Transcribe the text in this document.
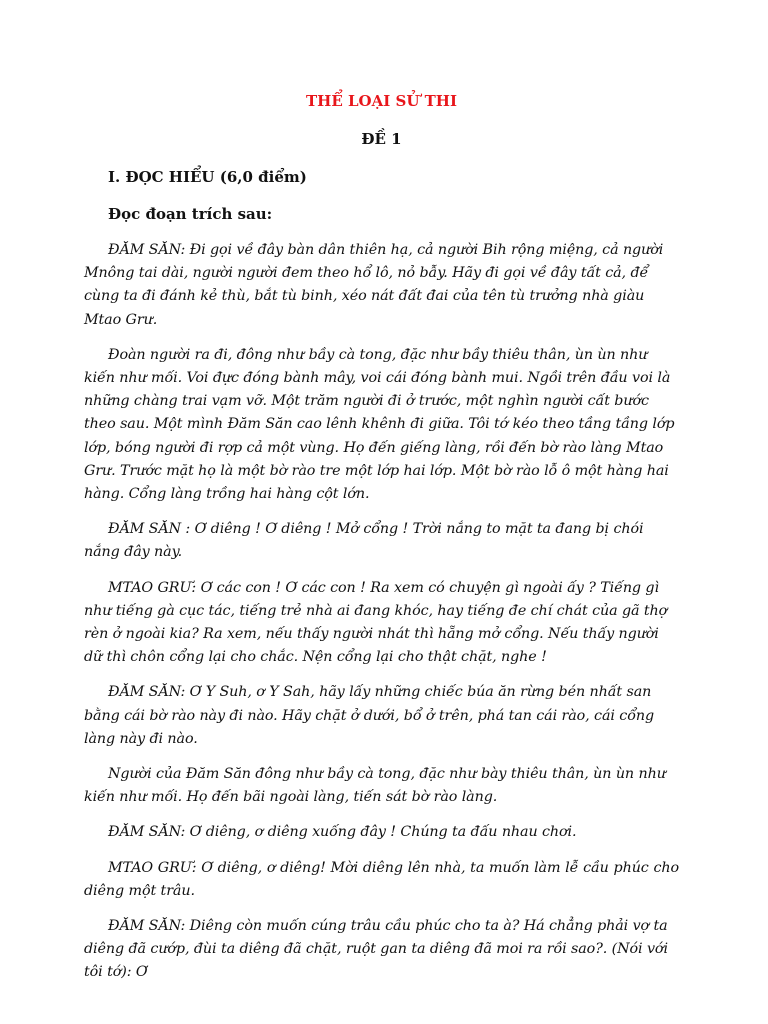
THỂ LOẠI SỬ THI
ĐỀ 1
I. ĐỌC HIỂU (6,0 điểm)
Đọc đoạn trích sau:

ĐĂM SĂN: Đi gọi về đây bàn dân thiên hạ, cả người Bih rộng miệng, cả người Mnông tai dài, người người đem theo hổ lô, nỏ bẫy. Hãy đi gọi về đây tất cả, để cùng ta đi đánh kẻ thù, bắt tù binh, xéo nát đất đai của tên tù trưởng nhà giàu Mtao Grư.

Đoàn người ra đi, đông như bầy cà tong, đặc như bầy thiêu thân, ùn ùn như kiến như mối. Voi đực đóng bành mây, voi cái đóng bành mui. Ngồi trên đầu voi là những chàng trai vạm vỡ. Một trăm người đi ở trước, một nghìn người cất bước theo sau. Một mình Đăm Săn cao lênh khênh đi giữa. Tôi tớ kéo theo tầng tầng lớp lớp, bóng người đi rợp cả một vùng. Họ đến giếng làng, rồi đến bờ rào làng Mtao Grư. Trước mặt họ là một bờ rào tre một lớp hai lớp. Một bờ rào lỗ ô một hàng hai hàng. Cổng làng trồng hai hàng cột lớn.

ĐĂM SĂN : Ơ diêng ! Ơ diêng ! Mở cổng ! Trời nắng to mặt ta đang bị chói nắng đây này.

MTAO GRƯ: Ơ các con ! Ơ các con ! Ra xem có chuyện gì ngoài ấy ? Tiếng gì như tiếng gà cục tác, tiếng trẻ nhà ai đang khóc, hay tiếng đe chí chát của gã thợ rèn ở ngoài kia? Ra xem, nếu thấy người nhát thì hẵng mở cổng. Nếu thấy người dữ thì chôn cổng lại cho chắc. Nện cổng lại cho thật chặt, nghe !

ĐĂM SĂN: Ơ Y Suh, ơ Y Sah, hãy lấy những chiếc búa ăn rừng bén nhất san bằng cái bờ rào này đi nào. Hãy chặt ở dưới, bổ ở trên, phá tan cái rào, cái cổng làng này đi nào.

Người của Đăm Săn đông như bầy cà tong, đặc như bày thiêu thân, ùn ùn như kiến như mối. Họ đến bãi ngoài làng, tiến sát bờ rào làng.

ĐĂM SĂN: Ơ diêng, ơ diêng xuống đây ! Chúng ta đấu nhau chơi.

MTAO GRƯ: Ơ diêng, ơ diêng! Mời diêng lên nhà, ta muốn làm lễ cầu phúc cho diêng một trâu.

ĐĂM SĂN: Diêng còn muốn cúng trâu cầu phúc cho ta à? Há chẳng phải vợ ta diêng đã cướp, đùi ta diêng đã chặt, ruột gan ta diêng đã moi ra rồi sao?. (Nói với tôi tớ): Ơ
